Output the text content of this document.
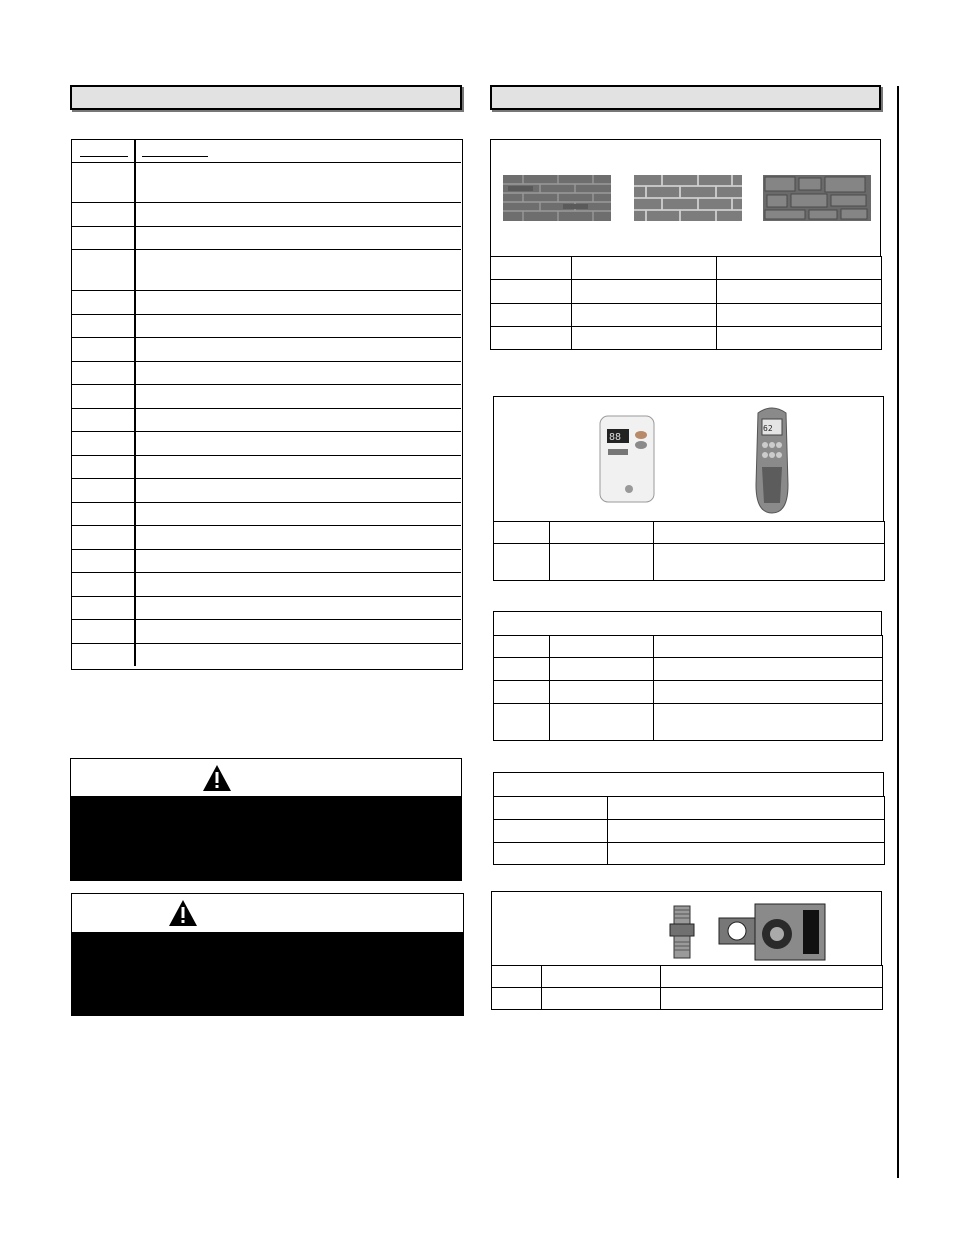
88
62
